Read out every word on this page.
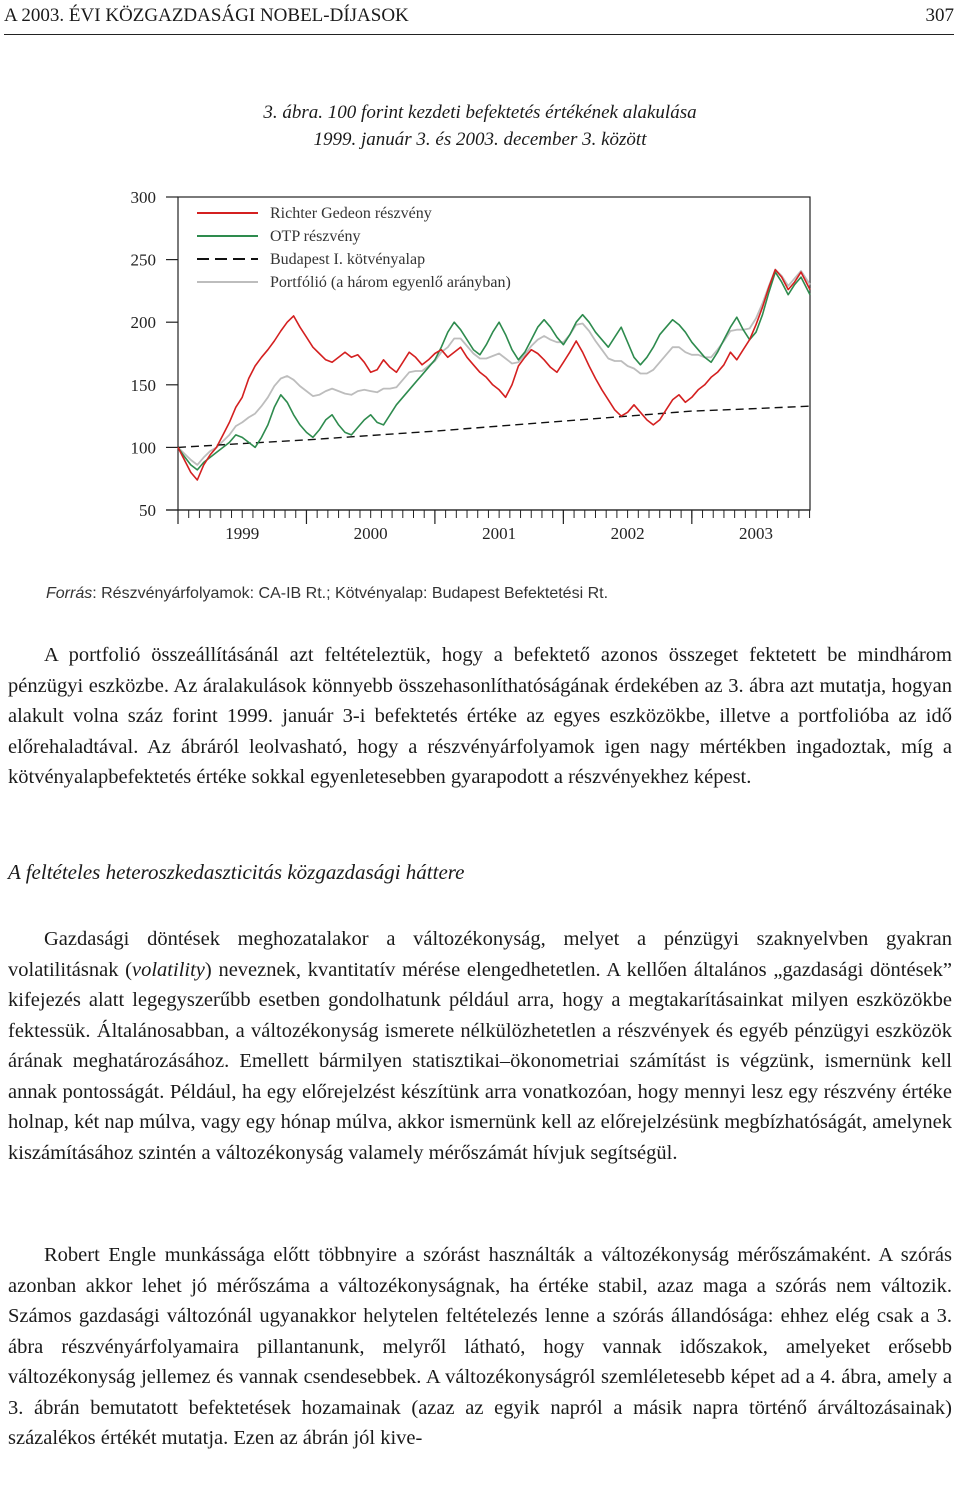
A 2003. ÉVI KÖZGAZDASÁGI NOBEL-DÍJASOK	307
3. ábra. 100 forint kezdeti befektetés értékének alakulása
1999. január 3. és 2003. december 3. között
50
100
150
200
250
300
1999	2000	2001	2002	2003
Richter Gedeon részvény
OTP részvény
Budapest I. kötvényalap
Portfólió (a három egyenlő arányban)
Forrás: Részvényárfolyamok: CA-IB Rt.; Kötvényalap: Budapest Befektetési Rt.

A portfolió összeállításánál azt feltételeztük, hogy a befektető azonos összeget fektetett be mindhárom pénzügyi eszközbe. Az áralakulások könnyebb összehasonlíthatóságának érdekében az 3. ábra azt mutatja, hogyan alakult volna száz forint 1999. január 3-i befektetés értéke az egyes eszközökbe, illetve a portfolióba az idő előrehaladtával. Az ábráról leolvasható, hogy a részvényárfolyamok igen nagy mértékben ingadoztak, míg a kötvényalapbefektetés értéke sokkal egyenletesebben gyarapodott a részvényekhez képest.

A feltételes heteroszkedaszticitás közgazdasági háttere

Gazdasági döntések meghozatalakor a változékonyság, melyet a pénzügyi szaknyelvben gyakran volatilitásnak (volatility) neveznek, kvantitatív mérése elengedhetetlen. A kellően általános „gazdasági döntések” kifejezés alatt legegyszerűbb esetben gondolhatunk például arra, hogy a megtakarításainkat milyen eszközökbe fektessük. Általánosabban, a változékonyság ismerete nélkülözhetetlen a részvények és egyéb pénzügyi eszközök árának meghatározásához. Emellett bármilyen statisztikai–ökonometriai számítást is végzünk, ismernünk kell annak pontosságát. Például, ha egy előrejelzést készítünk arra vonatkozóan, hogy mennyi lesz egy részvény értéke holnap, két nap múlva, vagy egy hónap múlva, akkor ismernünk kell az előrejelzésünk megbízhatóságát, amelynek kiszámításához szintén a változékonyság valamely mérőszámát hívjuk segítségül.

Robert Engle munkássága előtt többnyire a szórást használták a változékonyság mérőszámaként. A szórás azonban akkor lehet jó mérőszáma a változékonyságnak, ha értéke stabil, azaz maga a szórás nem változik. Számos gazdasági változónál ugyanakkor helytelen feltételezés lenne a szórás állandósága: ehhez elég csak a 3. ábra részvényárfolyamaira pillantanunk, melyről látható, hogy vannak időszakok, amelyeket erősebb változékonyság jellemez és vannak csendesebbek. A változékonyságról szemléletesebb képet ad a 4. ábra, amely a 3. ábrán bemutatott befektetések hozamainak (azaz az egyik napról a másik napra történő árváltozásainak) százalékos értékét mutatja. Ezen az ábrán jól kive-
